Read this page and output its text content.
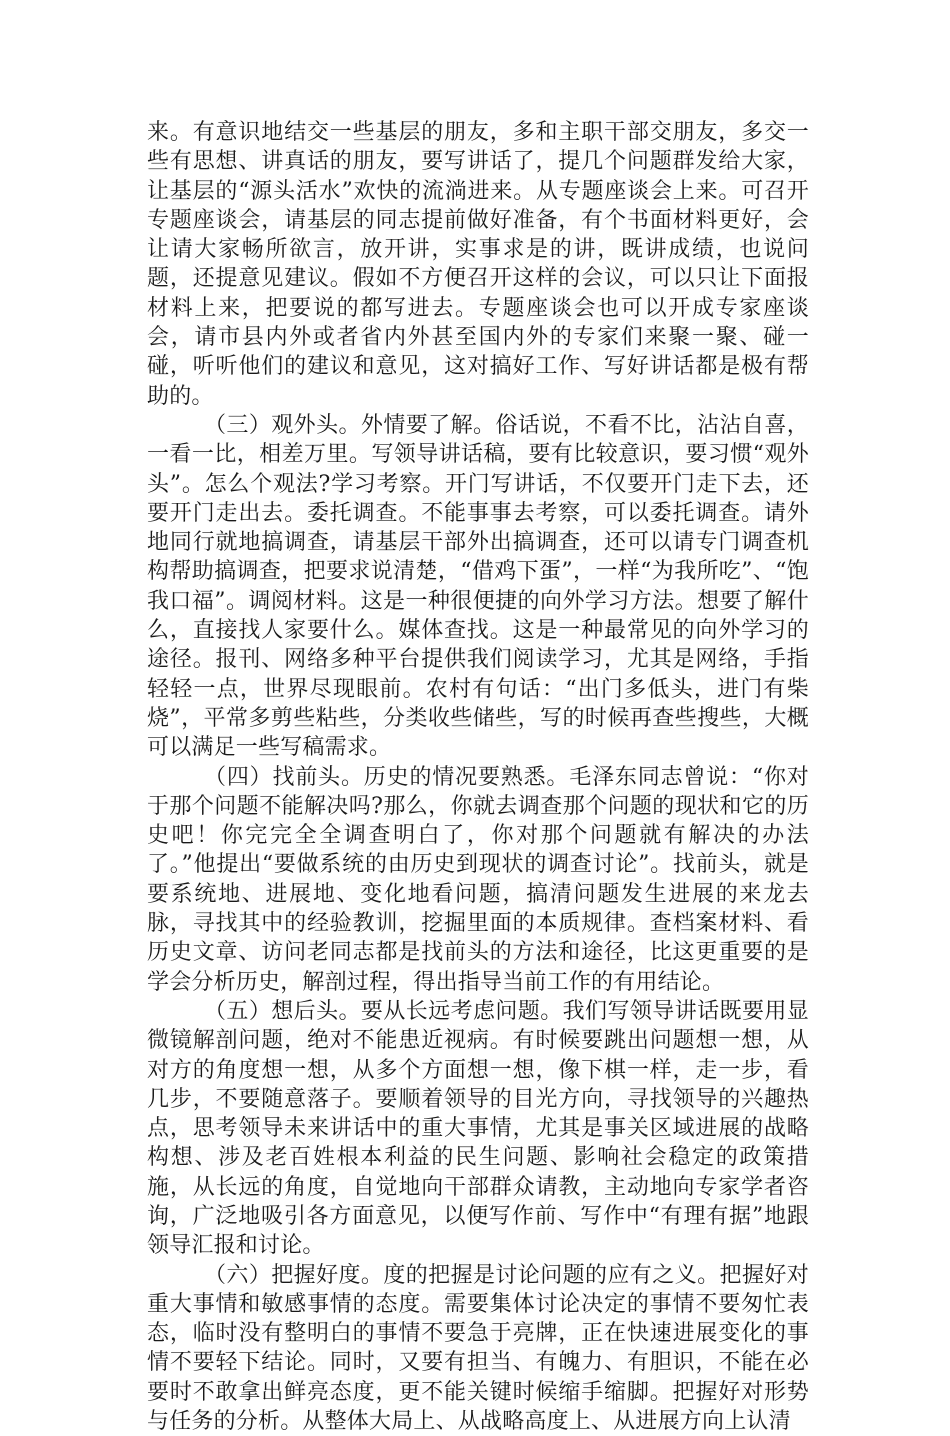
来。有意识地结交一些基层的朋友，多和主职干部交朋友，多交一些有思想、讲真话的朋友，要写讲话了，提几个问题群发给大家，让基层的“源头活水”欢快的流淌进来。从专题座谈会上来。可召开专题座谈会，请基层的同志提前做好准备，有个书面材料更好，会让请大家畅所欲言，放开讲，实事求是的讲，既讲成绩，也说问题，还提意见建议。假如不方便召开这样的会议，可以只让下面报材料上来，把要说的都写进去。专题座谈会也可以开成专家座谈会，请市县内外或者省内外甚至国内外的专家们来聚一聚、碰一碰，听听他们的建议和意见，这对搞好工作、写好讲话都是极有帮助的。

（三）观外头。外情要了解。俗话说，不看不比，沾沾自喜，一看一比，相差万里。写领导讲话稿，要有比较意识，要习惯“观外头”。怎么个观法?学习考察。开门写讲话，不仅要开门走下去，还要开门走出去。委托调查。不能事事去考察，可以委托调查。请外地同行就地搞调查，请基层干部外出搞调查，还可以请专门调查机构帮助搞调查，把要求说清楚，“借鸡下蛋”，一样“为我所吃”、“饱我口福”。调阅材料。这是一种很便捷的向外学习方法。想要了解什么，直接找人家要什么。媒体查找。这是一种最常见的向外学习的途径。报刊、网络多种平台提供我们阅读学习，尤其是网络，手指轻轻一点，世界尽现眼前。农村有句话：“出门多低头，进门有柴烧”，平常多剪些粘些，分类收些储些，写的时候再查些搜些，大概可以满足一些写稿需求。

（四）找前头。历史的情况要熟悉。毛泽东同志曾说：“你对于那个问题不能解决吗?那么，你就去调查那个问题的现状和它的历史吧！你完完全全调查明白了，你对那个问题就有解决的办法了。”他提出“要做系统的由历史到现状的调查讨论”。找前头，就是要系统地、进展地、变化地看问题，搞清问题发生进展的来龙去脉，寻找其中的经验教训，挖掘里面的本质规律。查档案材料、看历史文章、访问老同志都是找前头的方法和途径，比这更重要的是学会分析历史，解剖过程，得出指导当前工作的有用结论。

（五）想后头。要从长远考虑问题。我们写领导讲话既要用显微镜解剖问题，绝对不能患近视病。有时候要跳出问题想一想，从对方的角度想一想，从多个方面想一想，像下棋一样，走一步，看几步，不要随意落子。要顺着领导的目光方向，寻找领导的兴趣热点，思考领导未来讲话中的重大事情，尤其是事关区域进展的战略构想、涉及老百姓根本利益的民生问题、影响社会稳定的政策措施，从长远的角度，自觉地向干部群众请教，主动地向专家学者咨询，广泛地吸引各方面意见，以便写作前、写作中“有理有据”地跟领导汇报和讨论。

（六）把握好度。度的把握是讨论问题的应有之义。把握好对重大事情和敏感事情的态度。需要集体讨论决定的事情不要匆忙表态，临时没有整明白的事情不要急于亮牌，正在快速进展变化的事情不要轻下结论。同时，又要有担当、有魄力、有胆识，不能在必要时不敢拿出鲜亮态度，更不能关键时候缩手缩脚。把握好对形势与任务的分析。从整体大局上、从战略高度上、从进展方向上认清
